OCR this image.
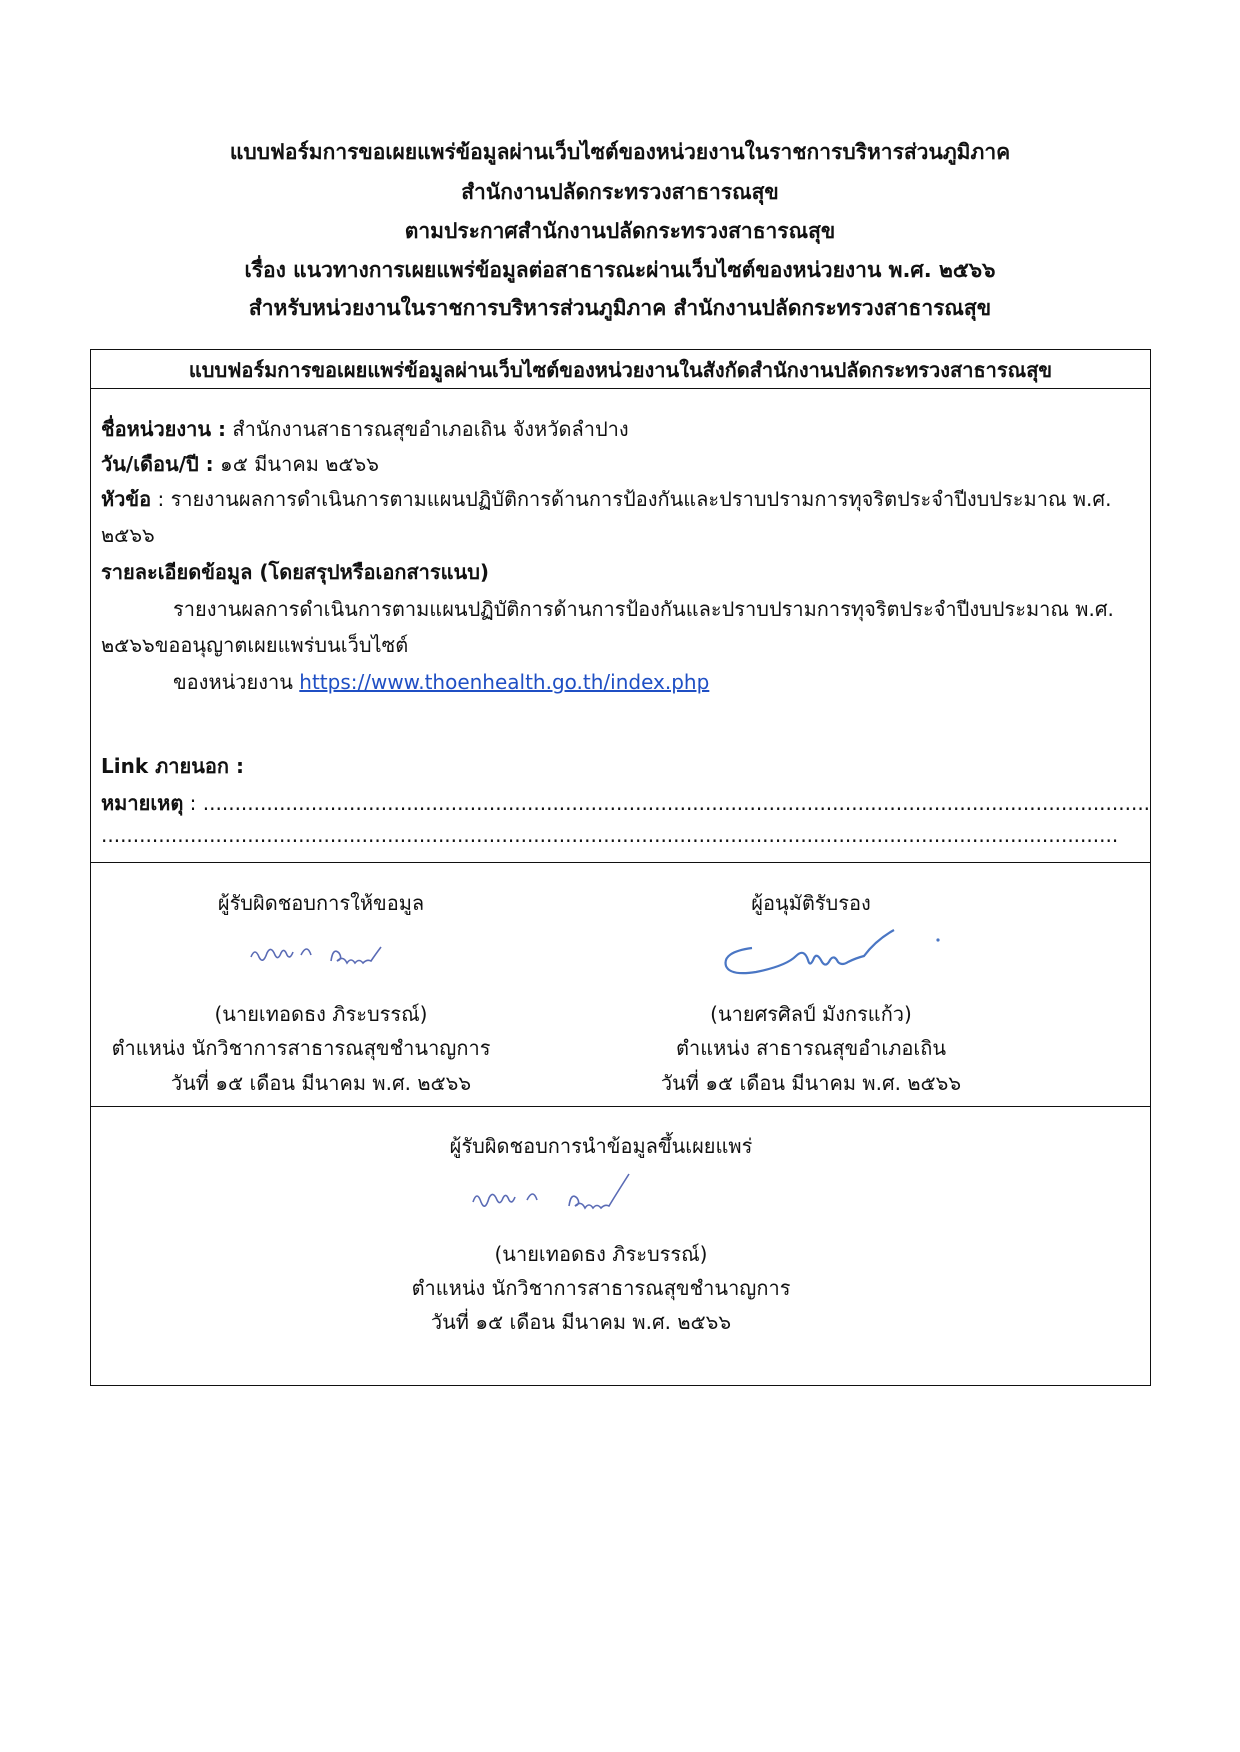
แบบฟอร์มการขอเผยแพร่ข้อมูลผ่านเว็บไซต์ของหน่วยงานในราชการบริหารส่วนภูมิภาค
สำนักงานปลัดกระทรวงสาธารณสุข
ตามประกาศสำนักงานปลัดกระทรวงสาธารณสุข
เรื่อง แนวทางการเผยแพร่ข้อมูลต่อสาธารณะผ่านเว็บไซต์ของหน่วยงาน พ.ศ. ๒๕๖๖
สำหรับหน่วยงานในราชการบริหารส่วนภูมิภาค สำนักงานปลัดกระทรวงสาธารณสุข
แบบฟอร์มการขอเผยแพร่ข้อมูลผ่านเว็บไซต์ของหน่วยงานในสังกัดสำนักงานปลัดกระทรวงสาธารณสุข
ชื่อหน่วยงาน : สำนักงานสาธารณสุขอำเภอเถิน จังหวัดลำปาง
วัน/เดือน/ปี : ๑๕ มีนาคม ๒๕๖๖
หัวข้อ : รายงานผลการดำเนินการตามแผนปฏิบัติการด้านการป้องกันและปราบปรามการทุจริตประจำปีงบประมาณ พ.ศ.
๒๕๖๖
รายละเอียดข้อมูล (โดยสรุปหรือเอกสารแนบ)
รายงานผลการดำเนินการตามแผนปฏิบัติการด้านการป้องกันและปราบปรามการทุจริตประจำปีงบประมาณ พ.ศ.
๒๕๖๖ขออนุญาตเผยแพร่บนเว็บไซต์
ของหน่วยงาน https://www.thoenhealth.go.th/index.php
Link ภายนอก :
หมายเหตุ : .....................................................................................................................................................
................................................................................................................................................................
ผู้รับผิดชอบการให้ขอมูล
(นายเทอดธง ภิระบรรณ์)
ตำแหน่ง นักวิชาการสาธารณสุขชำนาญการ
วันที่ ๑๕ เดือน มีนาคม พ.ศ. ๒๕๖๖
ผู้อนุมัติรับรอง
(นายศรศิลป์ มังกรแก้ว)
ตำแหน่ง สาธารณสุขอำเภอเถิน
วันที่ ๑๕ เดือน มีนาคม พ.ศ. ๒๕๖๖
ผู้รับผิดชอบการนำข้อมูลขึ้นเผยแพร่
(นายเทอดธง ภิระบรรณ์)
ตำแหน่ง นักวิชาการสาธารณสุขชำนาญการ
วันที่ ๑๕ เดือน มีนาคม พ.ศ. ๒๕๖๖
